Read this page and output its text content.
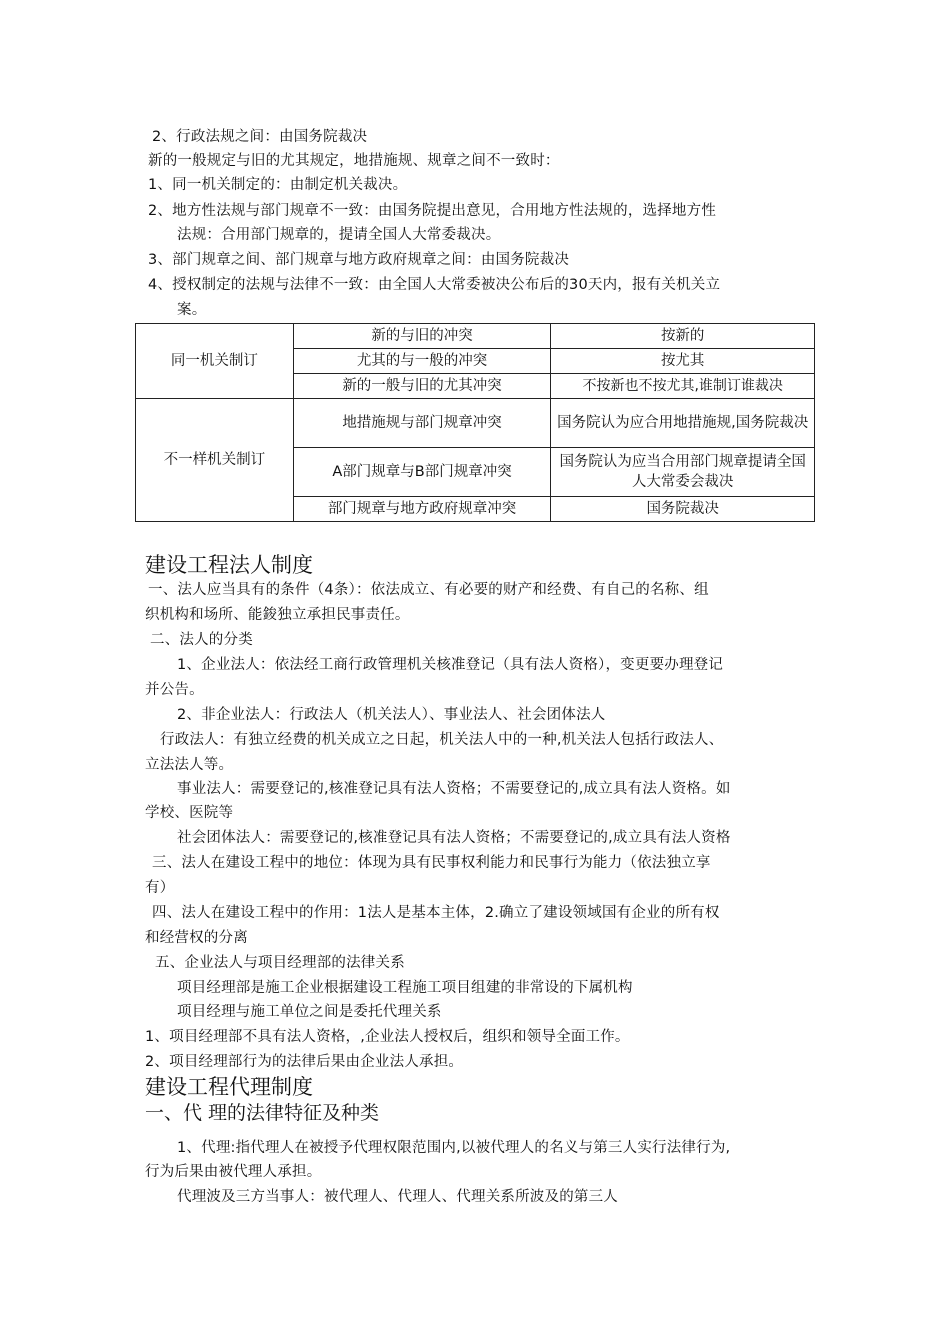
2、行政法规之间：由国务院裁决
新的一般规定与旧的尤其规定，地措施规、规章之间不一致时：
1、同一机关制定的：由制定机关裁决。
2、地方性法规与部门规章不一致：由国务院提出意见，合用地方性法规的，选择地方性
法规：合用部门规章的，提请全国人大常委裁决。
3、部门规章之间、部门规章与地方政府规章之间：由国务院裁决
4、授权制定的法规与法律不一致：由全国人大常委被决公布后的30天内，报有关机关立
案。
同一机关制订	新的与旧的冲突	按新的
	尤其的与一般的冲突	按尤其
	新的一般与旧的尤其冲突	不按新也不按尤其,谁制订谁裁决
不一样机关制订	地措施规与部门规章冲突	国务院认为应合用地措施规,国务院裁决
	A部门规章与B部门规章冲突	国务院认为应当合用部门规章提请全国人大常委会裁决
	部门规章与地方政府规章冲突	国务院裁决
建设工程法人制度
一、法人应当具有的条件（4条）：依法成立、有必要的财产和经费、有自己的名称、组
织机构和场所、能鋑独立承担民事责任。
二、法人的分类
1、企业法人：依法经工商行政管理机关核准登记（具有法人资格），变更要办理登记
并公告。
2、非企业法人：行政法人（机关法人）、事业法人、社会团体法人
行政法人：有独立经费的机关成立之日起，机关法人中的一种,机关法人包括行政法人、
立法法人等。
事业法人：需要登记的,核准登记具有法人资格；不需要登记的,成立具有法人资格。如
学校、医院等
社会团体法人：需要登记的,核准登记具有法人资格；不需要登记的,成立具有法人资格
三、法人在建设工程中的地位：体现为具有民事权利能力和民事行为能力（依法独立享
有）
四、法人在建设工程中的作用：1法人是基本主体，2.确立了建设领域国有企业的所有权
和经营权的分离
五、企业法人与项目经理部的法律关系
项目经理部是施工企业根据建设工程施工项目组建的非常设的下属机构
项目经理与施工单位之间是委托代理关系
1、项目经理部不具有法人资格，,企业法人授权后，组织和领导全面工作。
2、项目经理部行为的法律后果由企业法人承担。
建设工程代理制度
一、代 理的法律特征及种类
1、代理:指代理人在被授予代理权限范围内,以被代理人的名义与第三人实行法律行为,
行为后果由被代理人承担。
代理波及三方当事人：被代理人、代理人、代理关系所波及的第三人
